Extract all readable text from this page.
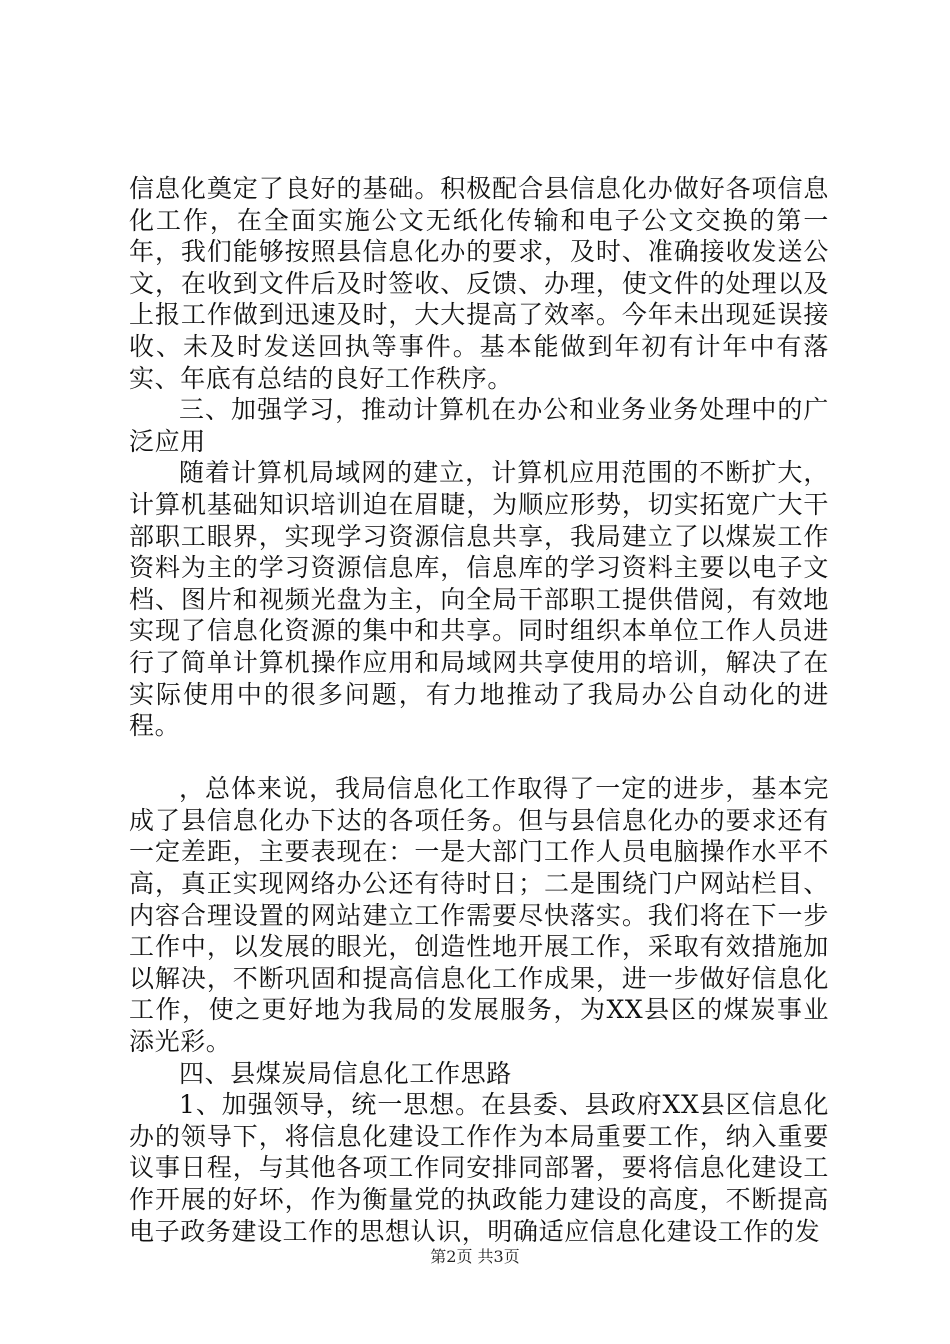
信息化奠定了良好的基础。积极配合县信息化办做好各项信息化工作，在全面实施公文无纸化传输和电子公文交换的第一年，我们能够按照县信息化办的要求，及时、准确接收发送公文，在收到文件后及时签收、反馈、办理，使文件的处理以及上报工作做到迅速及时，大大提高了效率。今年未出现延误接收、未及时发送回执等事件。基本能做到年初有计年中有落实、年底有总结的良好工作秩序。

三、加强学习，推动计算机在办公和业务业务处理中的广泛应用

随着计算机局域网的建立，计算机应用范围的不断扩大，计算机基础知识培训迫在眉睫，为顺应形势，切实拓宽广大干部职工眼界，实现学习资源信息共享，我局建立了以煤炭工作资料为主的学习资源信息库，信息库的学习资料主要以电子文档、图片和视频光盘为主，向全局干部职工提供借阅，有效地实现了信息化资源的集中和共享。同时组织本单位工作人员进行了简单计算机操作应用和局域网共享使用的培训，解决了在实际使用中的很多问题，有力地推动了我局办公自动化的进程。

，总体来说，我局信息化工作取得了一定的进步，基本完成了县信息化办下达的各项任务。但与县信息化办的要求还有一定差距，主要表现在：一是大部门工作人员电脑操作水平不高，真正实现网络办公还有待时日；二是围绕门户网站栏目、内容合理设置的网站建立工作需要尽快落实。我们将在下一步工作中，以发展的眼光，创造性地开展工作，采取有效措施加以解决，不断巩固和提高信息化工作成果，进一步做好信息化工作，使之更好地为我局的发展服务，为XX县区的煤炭事业添光彩。

四、县煤炭局信息化工作思路

1、加强领导，统一思想。在县委、县政府XX县区信息化办的领导下，将信息化建设工作作为本局重要工作，纳入重要议事日程，与其他各项工作同安排同部署，要将信息化建设工作开展的好坏，作为衡量党的执政能力建设的高度，不断提高电子政务建设工作的思想认识，明确适应信息化建设工作的发

第2页 共3页
